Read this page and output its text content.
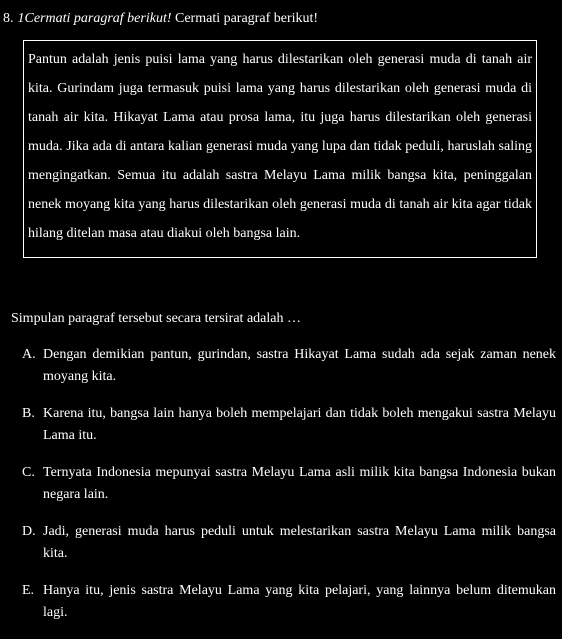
8. 1Cermati paragraf berikut! Cermati paragraf berikut!

Pantun adalah jenis puisi lama yang harus dilestarikan oleh generasi muda di tanah air kita. Gurindam juga termasuk puisi lama yang harus dilestarikan oleh generasi muda di tanah air kita. Hikayat Lama atau prosa lama, itu juga harus dilestarikan oleh generasi muda. Jika ada di antara kalian generasi muda yang lupa dan tidak peduli, haruslah saling mengingatkan. Semua itu adalah sastra Melayu Lama milik bangsa kita, peninggalan nenek moyang kita yang harus dilestarikan oleh generasi muda di tanah air kita agar tidak hilang ditelan masa atau diakui oleh bangsa lain.

Simpulan paragraf tersebut secara tersirat adalah …
A. Dengan demikian pantun, gurindan, sastra Hikayat Lama sudah ada sejak zaman nenek moyang kita.
B. Karena itu, bangsa lain hanya boleh mempelajari dan tidak boleh mengakui sastra Melayu Lama itu.
C. Ternyata Indonesia mepunyai sastra Melayu Lama asli milik kita bangsa Indonesia bukan negara lain.
D. Jadi, generasi muda harus peduli untuk melestarikan sastra Melayu Lama milik bangsa kita.
E. Hanya itu, jenis sastra Melayu Lama yang kita pelajari, yang lainnya belum ditemukan lagi.
